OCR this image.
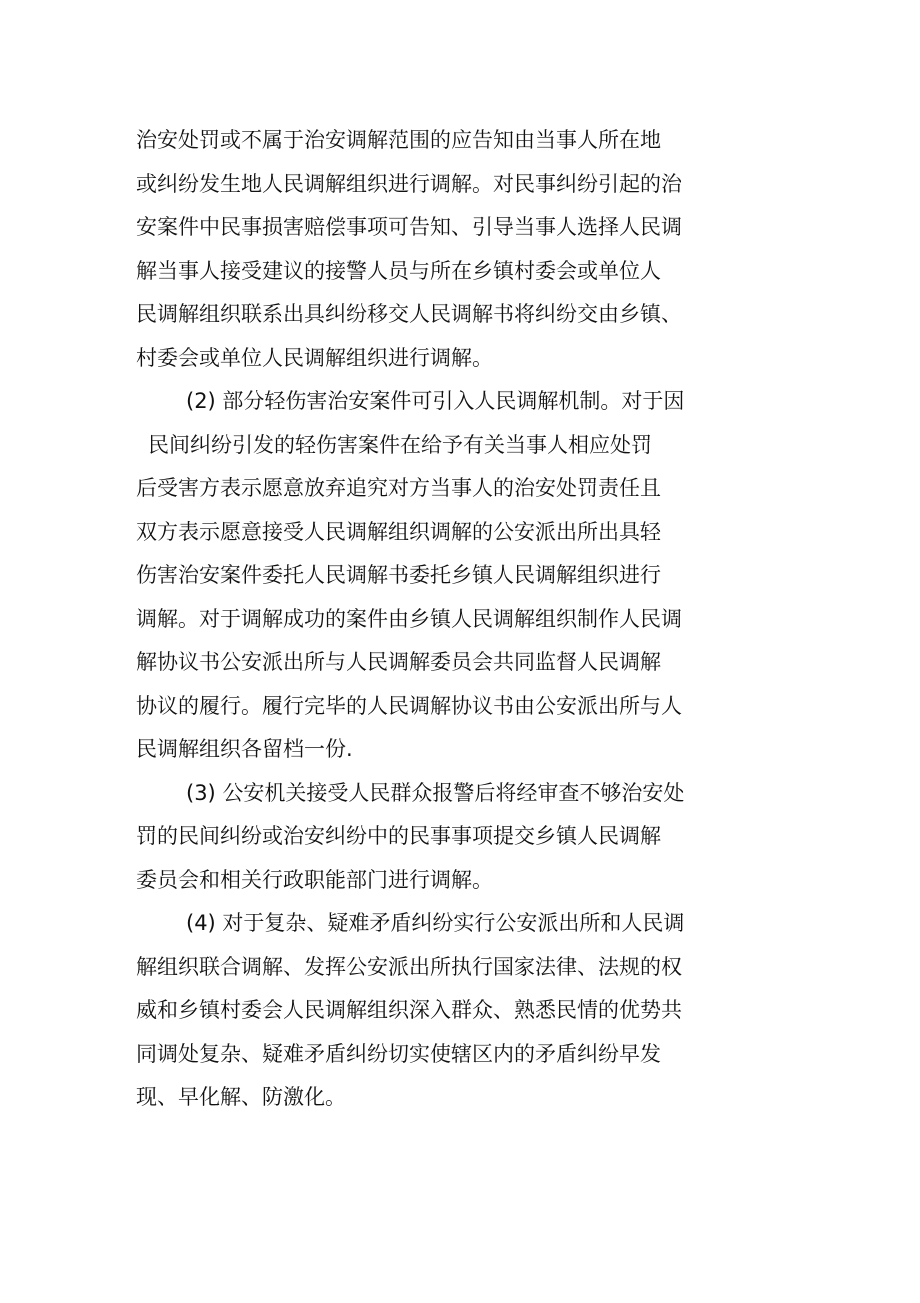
治安处罚或不属于治安调解范围的应告知由当事人所在地
或纠纷发生地人民调解组织进行调解。对民事纠纷引起的治
安案件中民事损害赔偿事项可告知、引导当事人选择人民调
解当事人接受建议的接警人员与所在乡镇村委会或单位人
民调解组织联系出具纠纷移交人民调解书将纠纷交由乡镇、
村委会或单位人民调解组织进行调解。
(2) 部分轻伤害治安案件可引入人民调解机制。对于因
民间纠纷引发的轻伤害案件在给予有关当事人相应处罚
后受害方表示愿意放弃追究对方当事人的治安处罚责任且
双方表示愿意接受人民调解组织调解的公安派出所出具轻
伤害治安案件委托人民调解书委托乡镇人民调解组织进行
调解。对于调解成功的案件由乡镇人民调解组织制作人民调
解协议书公安派出所与人民调解委员会共同监督人民调解
协议的履行。履行完毕的人民调解协议书由公安派出所与人
民调解组织各留档一份.
(3) 公安机关接受人民群众报警后将经审查不够治安处
罚的民间纠纷或治安纠纷中的民事事项提交乡镇人民调解
委员会和相关行政职能部门进行调解。
(4) 对于复杂、疑难矛盾纠纷实行公安派出所和人民调
解组织联合调解、发挥公安派出所执行国家法律、法规的权
威和乡镇村委会人民调解组织深入群众、熟悉民情的优势共
同调处复杂、疑难矛盾纠纷切实使辖区内的矛盾纠纷早发
现、早化解、防激化。
